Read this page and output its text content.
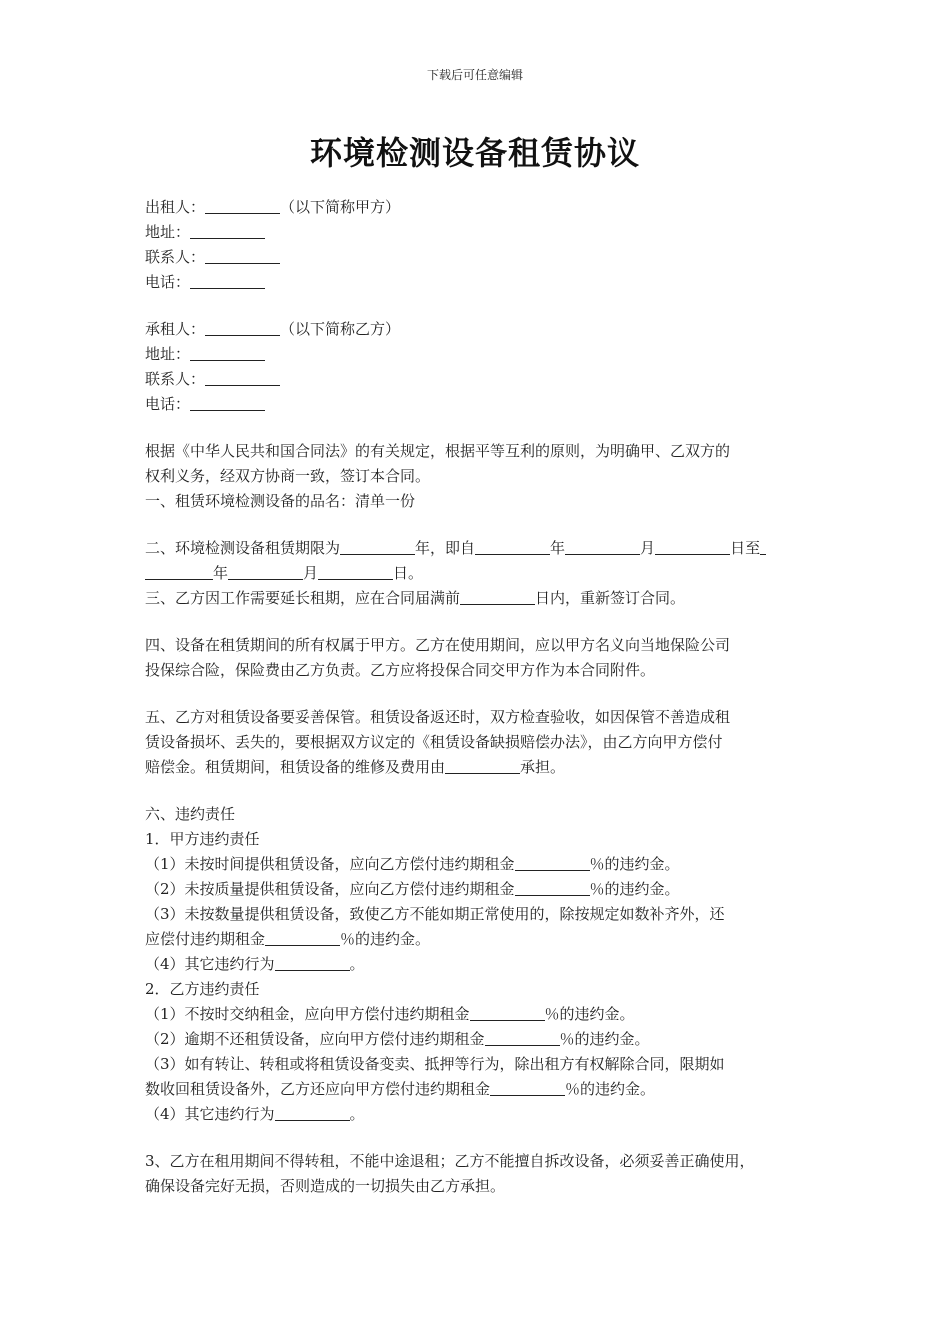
下载后可任意编辑
环境检测设备租赁协议
出租人：	（以下简称甲方）
地址：
联系人：
电话：
承租人：	（以下简称乙方）
地址：
联系人：
电话：
根据《中华人民共和国合同法》的有关规定，根据平等互利的原则，为明确甲、乙双方的
权利义务，经双方协商一致，签订本合同。
一、租赁环境检测设备的品名：清单一份
二、环境检测设备租赁期限为	年，即自	年	月	日至
年	月	日。
三、乙方因工作需要延长租期，应在合同届满前	日内，重新签订合同。
四、设备在租赁期间的所有权属于甲方。乙方在使用期间，应以甲方名义向当地保险公司
投保综合险，保险费由乙方负责。乙方应将投保合同交甲方作为本合同附件。
五、乙方对租赁设备要妥善保管。租赁设备返还时，双方检查验收，如因保管不善造成租
赁设备损坏、丢失的，要根据双方议定的《租赁设备缺损赔偿办法》，由乙方向甲方偿付
赔偿金。租赁期间，租赁设备的维修及费用由	承担。
六、违约责任
1．甲方违约责任
（1）未按时间提供租赁设备，应向乙方偿付违约期租金	％的违约金。
（2）未按质量提供租赁设备，应向乙方偿付违约期租金	％的违约金。
（3）未按数量提供租赁设备，致使乙方不能如期正常使用的，除按规定如数补齐外，还
应偿付违约期租金	％的违约金。
（4）其它违约行为	。
2．乙方违约责任
（1）不按时交纳租金，应向甲方偿付违约期租金	％的违约金。
（2）逾期不还租赁设备，应向甲方偿付违约期租金	％的违约金。
（3）如有转让、转租或将租赁设备变卖、抵押等行为，除出租方有权解除合同，限期如
数收回租赁设备外，乙方还应向甲方偿付违约期租金	％的违约金。
（4）其它违约行为	。
3、乙方在租用期间不得转租，不能中途退租；乙方不能擅自拆改设备，必须妥善正确使用，
确保设备完好无损，否则造成的一切损失由乙方承担。
